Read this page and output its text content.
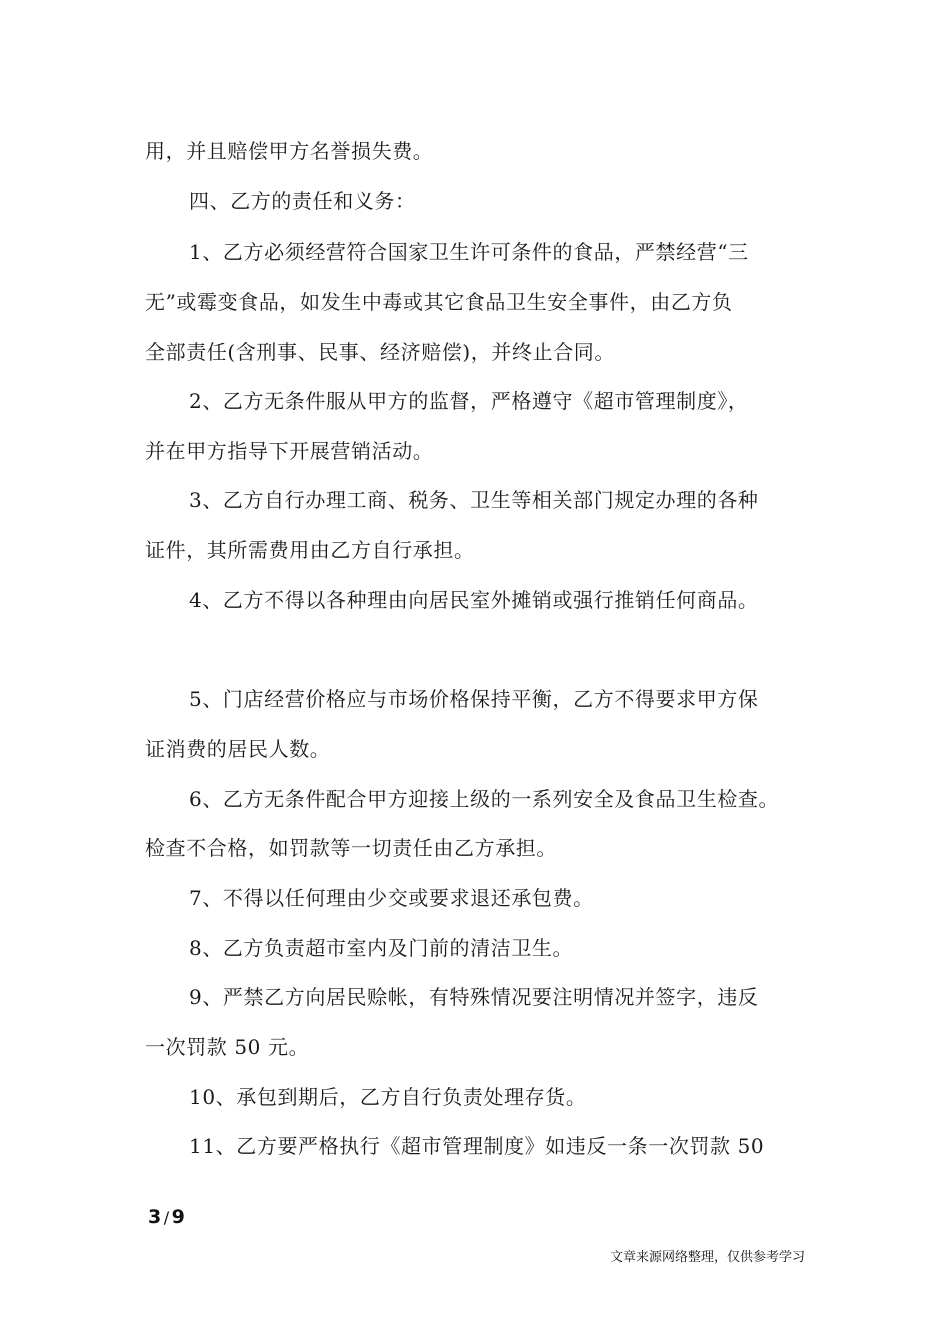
用，并且赔偿甲方名誉损失费。
四、乙方的责任和义务：
1、乙方必须经营符合国家卫生许可条件的食品，严禁经营“三
无”或霉变食品，如发生中毒或其它食品卫生安全事件，由乙方负
全部责任(含刑事、民事、经济赔偿)，并终止合同。
2、乙方无条件服从甲方的监督，严格遵守《超市管理制度》，
并在甲方指导下开展营销活动。
3、乙方自行办理工商、税务、卫生等相关部门规定办理的各种
证件，其所需费用由乙方自行承担。
4、乙方不得以各种理由向居民室外摊销或强行推销任何商品。
5、门店经营价格应与市场价格保持平衡，乙方不得要求甲方保
证消费的居民人数。
6、乙方无条件配合甲方迎接上级的一系列安全及食品卫生检查。
检查不合格，如罚款等一切责任由乙方承担。
7、不得以任何理由少交或要求退还承包费。
8、乙方负责超市室内及门前的清洁卫生。
9、严禁乙方向居民赊帐，有特殊情况要注明情况并签字，违反
一次罚款 50 元。
10、承包到期后，乙方自行负责处理存货。
11、乙方要严格执行《超市管理制度》如违反一条一次罚款 50
3 / 9
文章来源网络整理，仅供参考学习
